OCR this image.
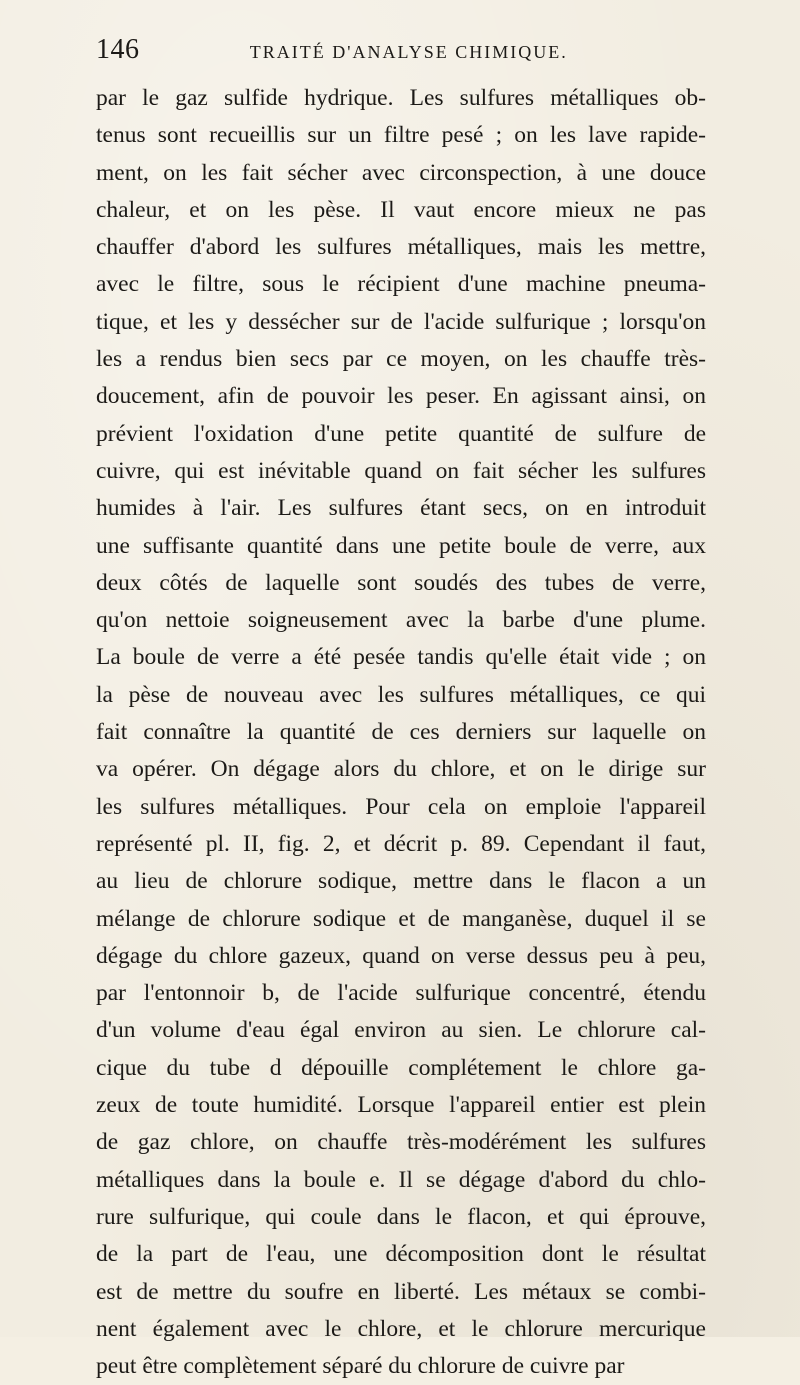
146	TRAITÉ D'ANALYSE CHIMIQUE.
par le gaz sulfide hydrique. Les sulfures métalliques ob-
tenus sont recueillis sur un filtre pesé ; on les lave rapide-
ment, on les fait sécher avec circonspection, à une douce
chaleur, et on les pèse. Il vaut encore mieux ne pas
chauffer d'abord les sulfures métalliques, mais les mettre,
avec le filtre, sous le récipient d'une machine pneuma-
tique, et les y dessécher sur de l'acide sulfurique ; lorsqu'on
les a rendus bien secs par ce moyen, on les chauffe très-
doucement, afin de pouvoir les peser. En agissant ainsi, on
prévient l'oxidation d'une petite quantité de sulfure de
cuivre, qui est inévitable quand on fait sécher les sulfures
humides à l'air. Les sulfures étant secs, on en introduit
une suffisante quantité dans une petite boule de verre, aux
deux côtés de laquelle sont soudés des tubes de verre,
qu'on nettoie soigneusement avec la barbe d'une plume.
La boule de verre a été pesée tandis qu'elle était vide ; on
la pèse de nouveau avec les sulfures métalliques, ce qui
fait connaître la quantité de ces derniers sur laquelle on
va opérer. On dégage alors du chlore, et on le dirige sur
les sulfures métalliques. Pour cela on emploie l'appareil
représenté pl. II, fig. 2, et décrit p. 89. Cependant il faut,
au lieu de chlorure sodique, mettre dans le flacon a un
mélange de chlorure sodique et de manganèse, duquel il se
dégage du chlore gazeux, quand on verse dessus peu à peu,
par l'entonnoir b, de l'acide sulfurique concentré, étendu
d'un volume d'eau égal environ au sien. Le chlorure cal-
cique du tube d dépouille complétement le chlore ga-
zeux de toute humidité. Lorsque l'appareil entier est plein
de gaz chlore, on chauffe très-modérément les sulfures
métalliques dans la boule e. Il se dégage d'abord du chlo-
rure sulfurique, qui coule dans le flacon, et qui éprouve,
de la part de l'eau, une décomposition dont le résultat
est de mettre du soufre en liberté. Les métaux se combi-
nent également avec le chlore, et le chlorure mercurique
peut être complètement séparé du chlorure de cuivre par
